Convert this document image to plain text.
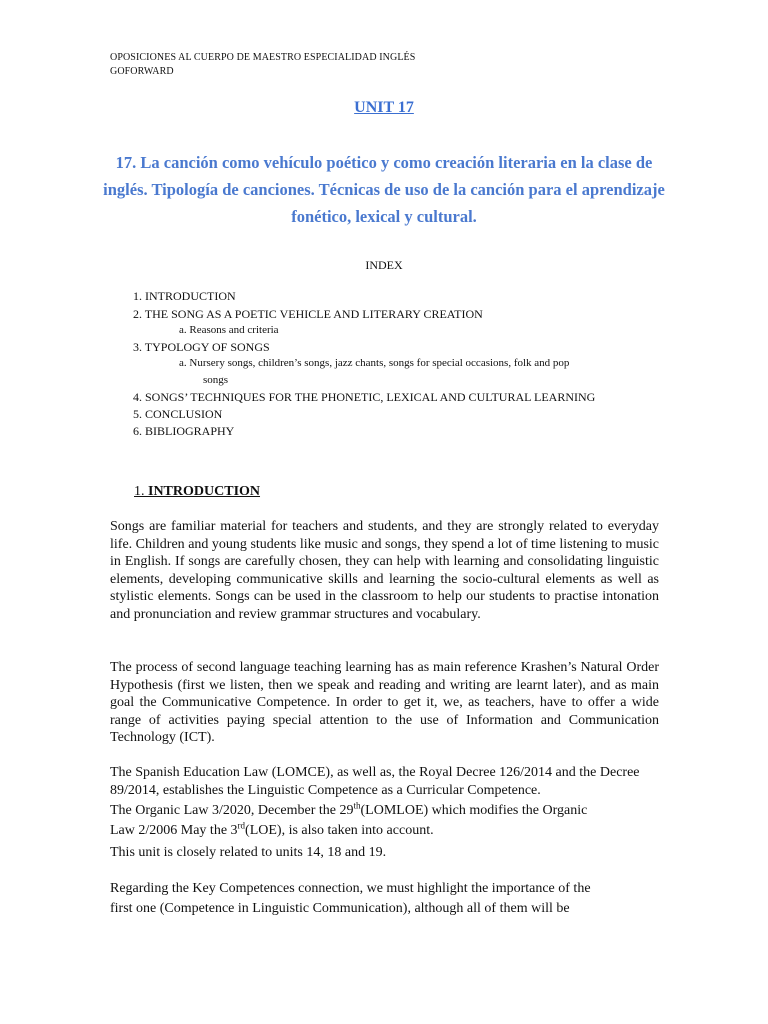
OPOSICIONES AL CUERPO DE MAESTRO ESPECIALIDAD INGLÉS
GOFORWARD
UNIT 17
17. La canción como vehículo poético y como creación literaria en la clase de inglés. Tipología de canciones. Técnicas de uso de la canción para el aprendizaje fonético, lexical y cultural.
INDEX
1. INTRODUCTION
2. THE SONG AS A POETIC VEHICLE AND LITERARY CREATION
a. Reasons and criteria
3. TYPOLOGY OF SONGS
a. Nursery songs, children’s songs, jazz chants, songs for special occasions, folk and pop
songs
4. SONGS’ TECHNIQUES FOR THE PHONETIC, LEXICAL AND CULTURAL LEARNING
5. CONCLUSION
6. BIBLIOGRAPHY
1. INTRODUCTION
Songs are familiar material for teachers and students, and they are strongly related to everyday life. Children and young students like music and songs, they spend a lot of time listening to music in English. If songs are carefully chosen, they can help with learning and consolidating linguistic elements, developing communicative skills and learning the socio-cultural elements as well as stylistic elements. Songs can be used in the classroom to help our students to practise intonation and pronunciation and review grammar structures and vocabulary.
The process of second language teaching learning has as main reference Krashen’s Natural Order Hypothesis (first we listen, then we speak and reading and writing are learnt later), and as main goal the Communicative Competence. In order to get it, we, as teachers, have to offer a wide range of activities paying special attention to the use of Information and Communication Technology (ICT).
The Spanish Education Law (LOMCE), as well as, the Royal Decree 126/2014 and the Decree 89/2014, establishes the Linguistic Competence as a Curricular Competence.
The Organic Law 3/2020, December the 29th(LOMLOE) which modifies the Organic
Law 2/2006 May the 3rd(LOE), is also taken into account.
This unit is closely related to units 14, 18 and 19.
Regarding the Key Competences connection, we must highlight the importance of the
first one (Competence in Linguistic Communication), although all of them will be
